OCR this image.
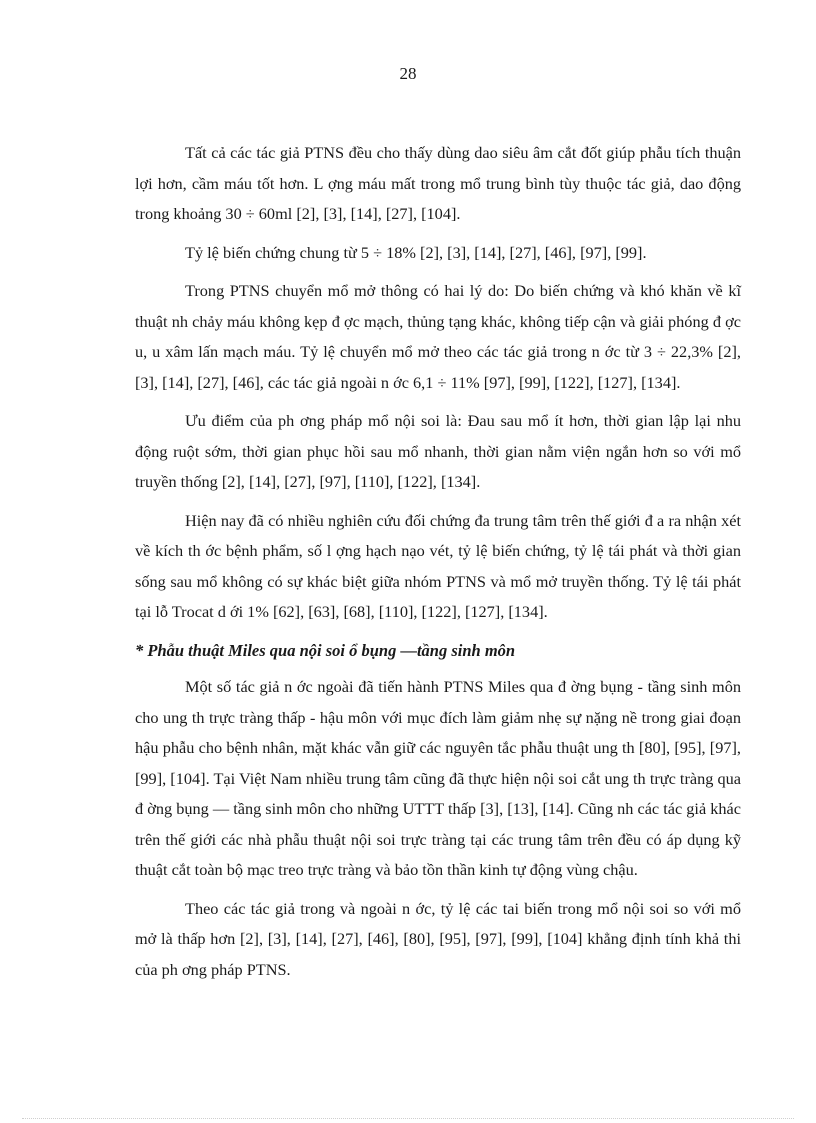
28

Tất cả các tác giả PTNS đều cho thấy dùng dao siêu âm cắt đốt giúp phẫu tích thuận lợi hơn, cầm máu tốt hơn. L ợng máu mất trong mổ trung bình tùy thuộc tác giả, dao động trong khoảng 30 ÷ 60ml [2], [3], [14], [27], [104].

Tỷ lệ biến chứng chung từ 5 ÷ 18% [2], [3], [14], [27], [46], [97], [99].

Trong PTNS chuyển mổ mở thông có hai lý do: Do biến chứng và khó khăn về kĩ thuật nh chảy máu không kẹp đ ợc mạch, thủng tạng khác, không tiếp cận và giải phóng đ ợc u, u xâm lấn mạch máu. Tỷ lệ chuyển mổ mở theo các tác giả trong n ớc từ 3 ÷ 22,3% [2], [3], [14], [27], [46], các tác giả ngoài n ớc 6,1 ÷ 11% [97], [99], [122], [127], [134].

Ưu điểm của ph ơng pháp mổ nội soi là: Đau sau mổ ít hơn, thời gian lập lại nhu động ruột sớm, thời gian phục hồi sau mổ nhanh, thời gian nằm viện ngắn hơn so với mổ truyền thống [2], [14], [27], [97], [110], [122], [134].

Hiện nay đã có nhiều nghiên cứu đối chứng đa trung tâm trên thế giới đ a ra nhận xét về kích th ớc bệnh phẩm, số l ợng hạch nạo vét, tỷ lệ biến chứng, tỷ lệ tái phát và thời gian sống sau mổ không có sự khác biệt giữa nhóm PTNS và mổ mở truyền thống. Tỷ lệ tái phát tại lỗ Trocat d ới 1% [62], [63], [68], [110], [122], [127], [134].

* Phẫu thuật Miles qua nội soi ổ bụng —tầng sinh môn

Một số tác giả n ớc ngoài đã tiến hành PTNS Miles qua đ ờng bụng - tầng sinh môn cho ung th trực tràng thấp - hậu môn với mục đích làm giảm nhẹ sự nặng nề trong giai đoạn hậu phẫu cho bệnh nhân, mặt khác vẫn giữ các nguyên tắc phẫu thuật ung th [80], [95], [97], [99], [104]. Tại Việt Nam nhiều trung tâm cũng đã thực hiện nội soi cắt ung th trực tràng qua đ ờng bụng — tầng sinh môn cho những UTTT thấp [3], [13], [14]. Cũng nh các tác giả khác trên thế giới các nhà phẫu thuật nội soi trực tràng tại các trung tâm trên đều có áp dụng kỹ thuật cắt toàn bộ mạc treo trực tràng và bảo tồn thần kinh tự động vùng chậu.

Theo các tác giả trong và ngoài n ớc, tỷ lệ các tai biến trong mổ nội soi so với mổ mở là thấp hơn [2], [3], [14], [27], [46], [80], [95], [97], [99], [104] khẳng định tính khả thi của ph ơng pháp PTNS.
